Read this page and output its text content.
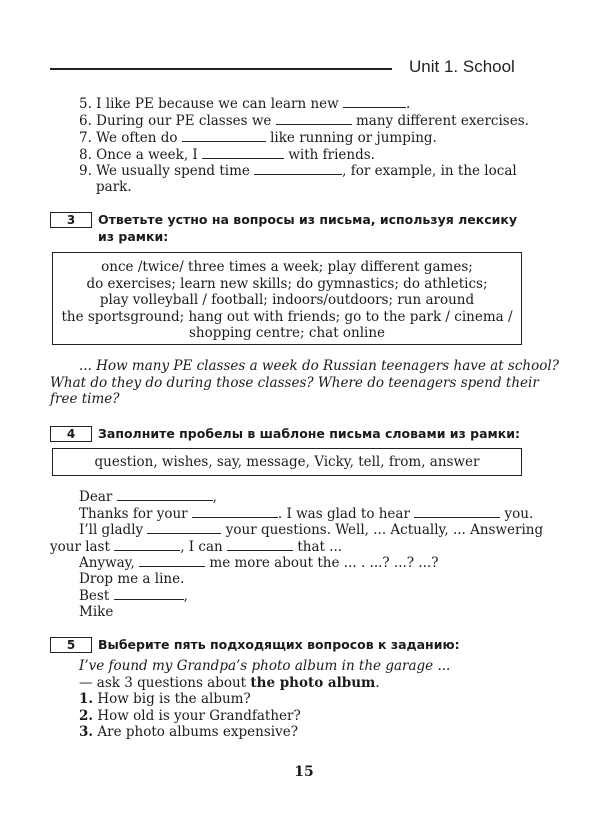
Unit 1. School
5. I like PE because we can learn new	.
6. During our PE classes we	many different exercises.
7. We often do	like running or jumping.
8. Once a week, I	with friends.
9. We usually spend time	, for example, in the local
park.
3	Ответьте устно на вопросы из письма, используя лексику
из рамки:
once /twice/ three times a week; play different games;
do exercises; learn new skills; do gymnastics; do athletics;
play volleyball / football; indoors/outdoors; run around
the sportsground; hang out with friends; go to the park / cinema /
shopping centre; chat online
... How many PE classes a week do Russian teenagers have at school?
What do they do during those classes? Where do teenagers spend their
free time?
4	Заполните пробелы в шаблоне письма словами из рамки:
question, wishes, say, message, Vicky, tell, from, answer
Dear	,
Thanks for your	. I was glad to hear	you.
I’ll gladly	your questions. Well, ... Actually, ... Answering
your last	, I can	that ...
Anyway,	me more about the ... . ...? ...? ...?
Drop me a line.
Best	,
Mike
5	Выберите пять подходящих вопросов к заданию:
I’ve found my Grandpa’s photo album in the garage ...
— ask 3 questions about the photo album.
1. How big is the album?
2. How old is your Grandfather?
3. Are photo albums expensive?
15
